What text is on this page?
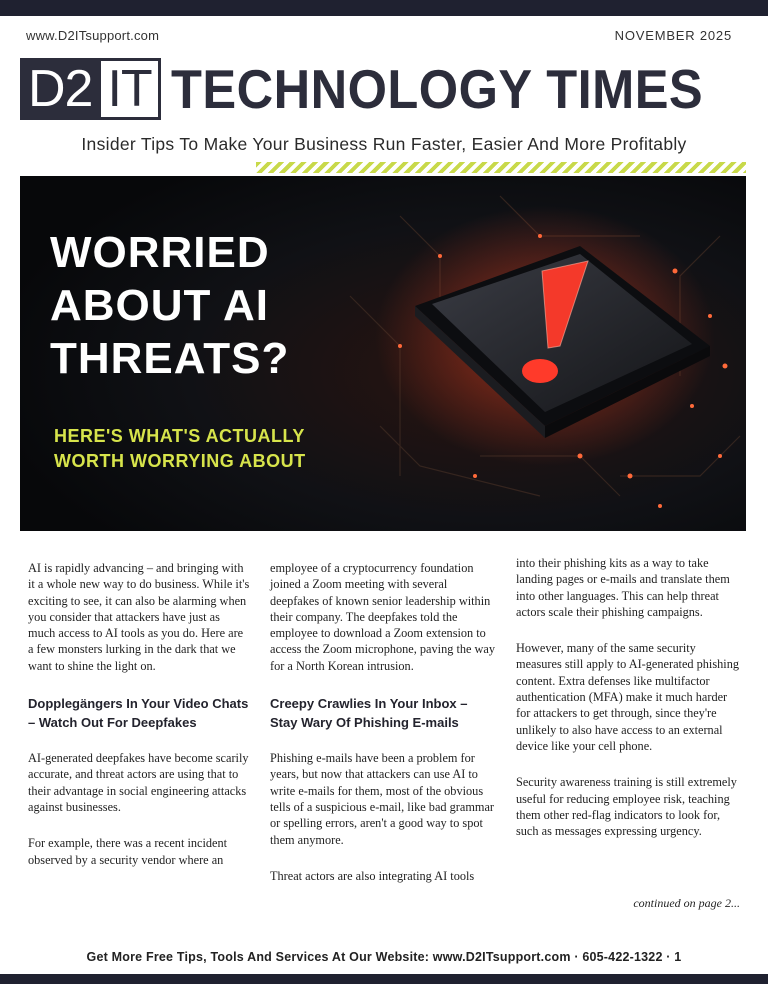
www.D2ITsupport.com	NOVEMBER 2025
D2 IT TECHNOLOGY TIMES
Insider Tips To Make Your Business Run Faster, Easier And More Profitably
WORRIED
ABOUT AI
THREATS?
HERE'S WHAT'S ACTUALLY
WORTH WORRYING ABOUT

AI is rapidly advancing – and bringing with it a whole new way to do business. While it's exciting to see, it can also be alarming when you consider that attackers have just as much access to AI tools as you do. Here are a few monsters lurking in the dark that we want to shine the light on.

Dopplegängers In Your Video Chats – Watch Out For Deepfakes

AI-generated deepfakes have become scarily accurate, and threat actors are using that to their advantage in social engineering attacks against businesses.

For example, there was a recent incident observed by a security vendor where an

employee of a cryptocurrency foundation joined a Zoom meeting with several deepfakes of known senior leadership within their company. The deepfakes told the employee to download a Zoom extension to access the Zoom microphone, paving the way for a North Korean intrusion.

Creepy Crawlies In Your Inbox – Stay Wary Of Phishing E-mails

Phishing e-mails have been a problem for years, but now that attackers can use AI to write e-mails for them, most of the obvious tells of a suspicious e-mail, like bad grammar or spelling errors, aren't a good way to spot them anymore.

Threat actors are also integrating AI tools

into their phishing kits as a way to take landing pages or e-mails and translate them into other languages. This can help threat actors scale their phishing campaigns.

However, many of the same security measures still apply to AI-generated phishing content. Extra defenses like multifactor authentication (MFA) make it much harder for attackers to get through, since they're unlikely to also have access to an external device like your cell phone.

Security awareness training is still extremely useful for reducing employee risk, teaching them other red-flag indicators to look for, such as messages expressing urgency.

continued on page 2...
Get More Free Tips, Tools And Services At Our Website: www.D2ITsupport.com · 605-422-1322 · 1
